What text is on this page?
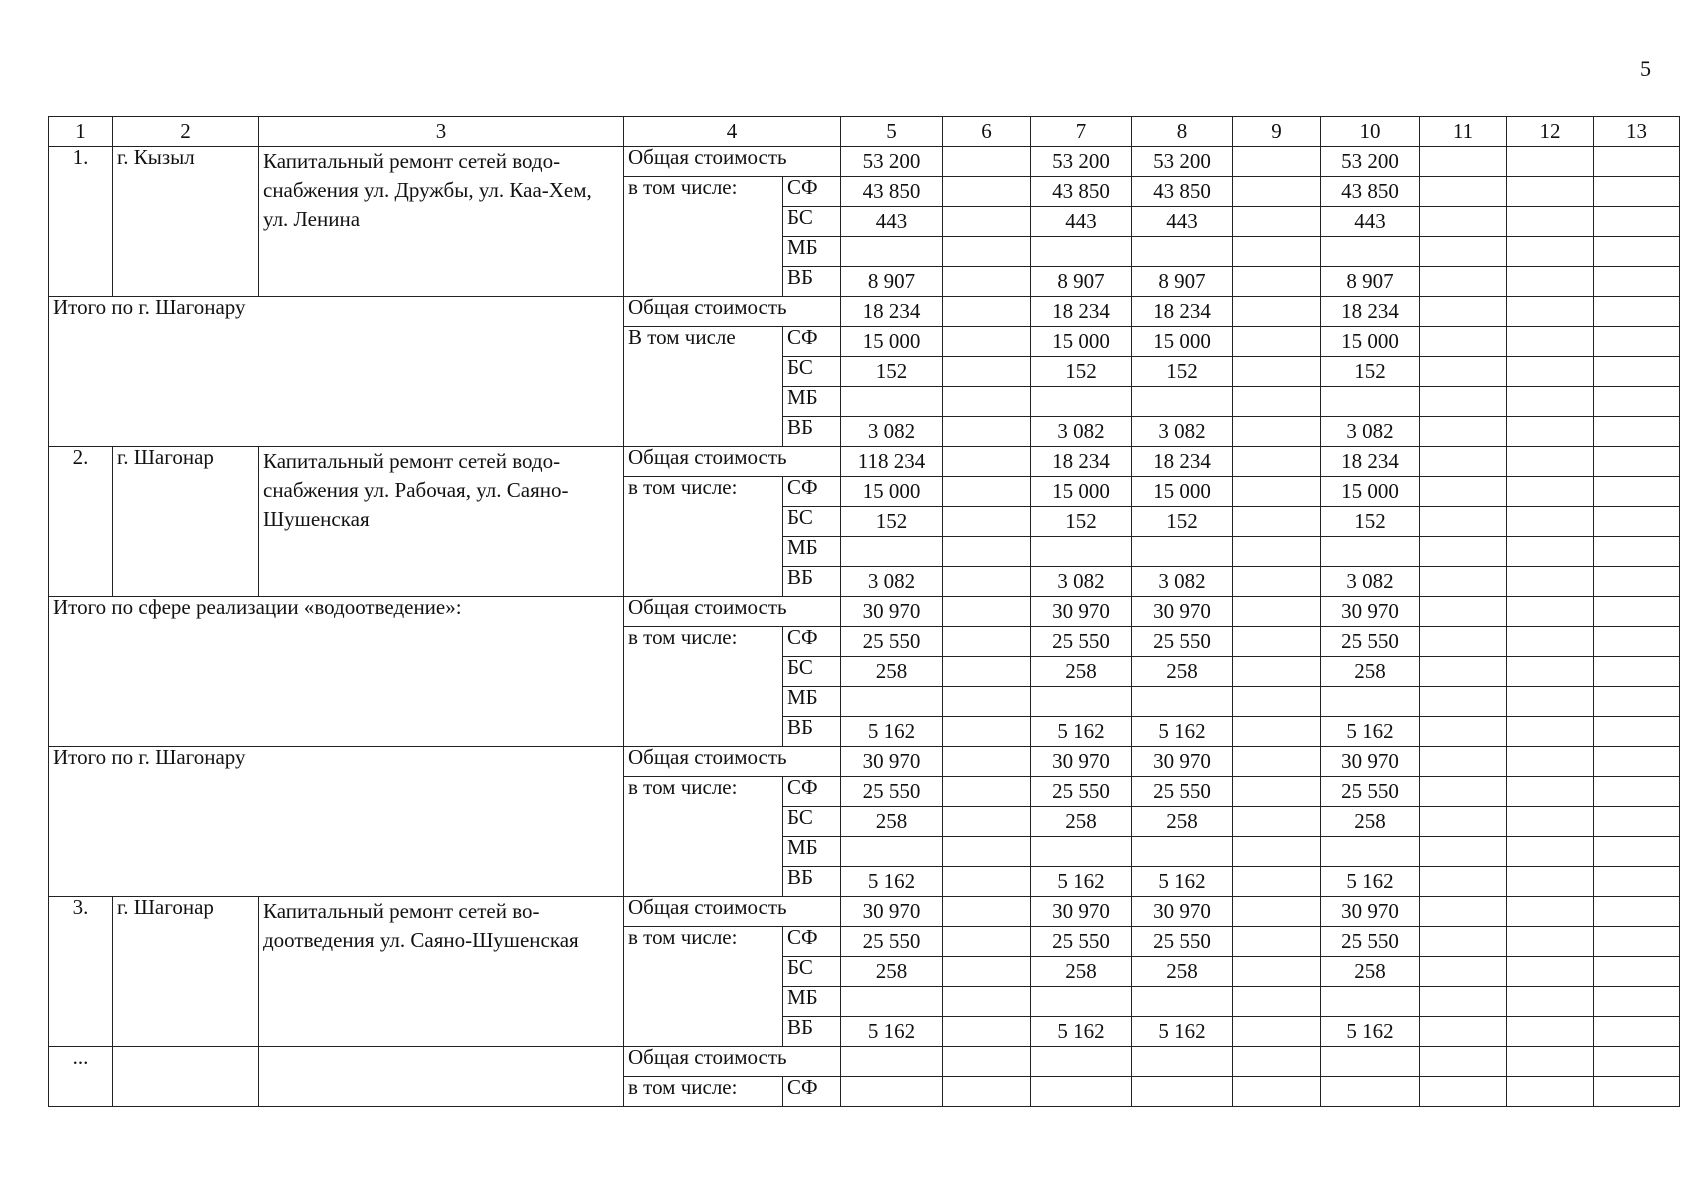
5
1	2	3	4		5	6	7	8	9	10	11	12	13
1.	г. Кызыл	Капитальный ремонт сетей водо-снабжения ул. Дружбы, ул. Каа-Хем, ул. Ленина	Общая стоимость		53 200		53 200	53 200		53 200			
			в том числе:	СФ	43 850		43 850	43 850		43 850			
				БС	443		443	443		443			
				МБ									
				ВБ	8 907		8 907	8 907		8 907			
Итого по г. Шагонару			Общая стоимость		18 234		18 234	18 234		18 234			
			В том числе	СФ	15 000		15 000	15 000		15 000			
				БС	152		152	152		152			
				МБ									
				ВБ	3 082		3 082	3 082		3 082			
2.	г. Шагонар	Капитальный ремонт сетей водо-снабжения ул. Рабочая, ул. Саяно-Шушенская	Общая стоимость		118 234		18 234	18 234		18 234			
			в том числе:	СФ	15 000		15 000	15 000		15 000			
				БС	152		152	152		152			
				МБ									
				ВБ	3 082		3 082	3 082		3 082			
Итого по сфере реализации «водоотведение»:			Общая стоимость		30 970		30 970	30 970		30 970			
			в том числе:	СФ	25 550		25 550	25 550		25 550			
				БС	258		258	258		258			
				МБ									
				ВБ	5 162		5 162	5 162		5 162			
Итого по г. Шагонару			Общая стоимость		30 970		30 970	30 970		30 970			
			в том числе:	СФ	25 550		25 550	25 550		25 550			
				БС	258		258	258		258			
				МБ									
				ВБ	5 162		5 162	5 162		5 162			
3.	г. Шагонар	Капитальный ремонт сетей во-доотведения ул. Саяно-Шушенская	Общая стоимость		30 970		30 970	30 970		30 970			
			в том числе:	СФ	25 550		25 550	25 550		25 550			
				БС	258		258	258		258			
				МБ									
				ВБ	5 162		5 162	5 162		5 162			
...			Общая стоимость										
			в том числе:	СФ									
